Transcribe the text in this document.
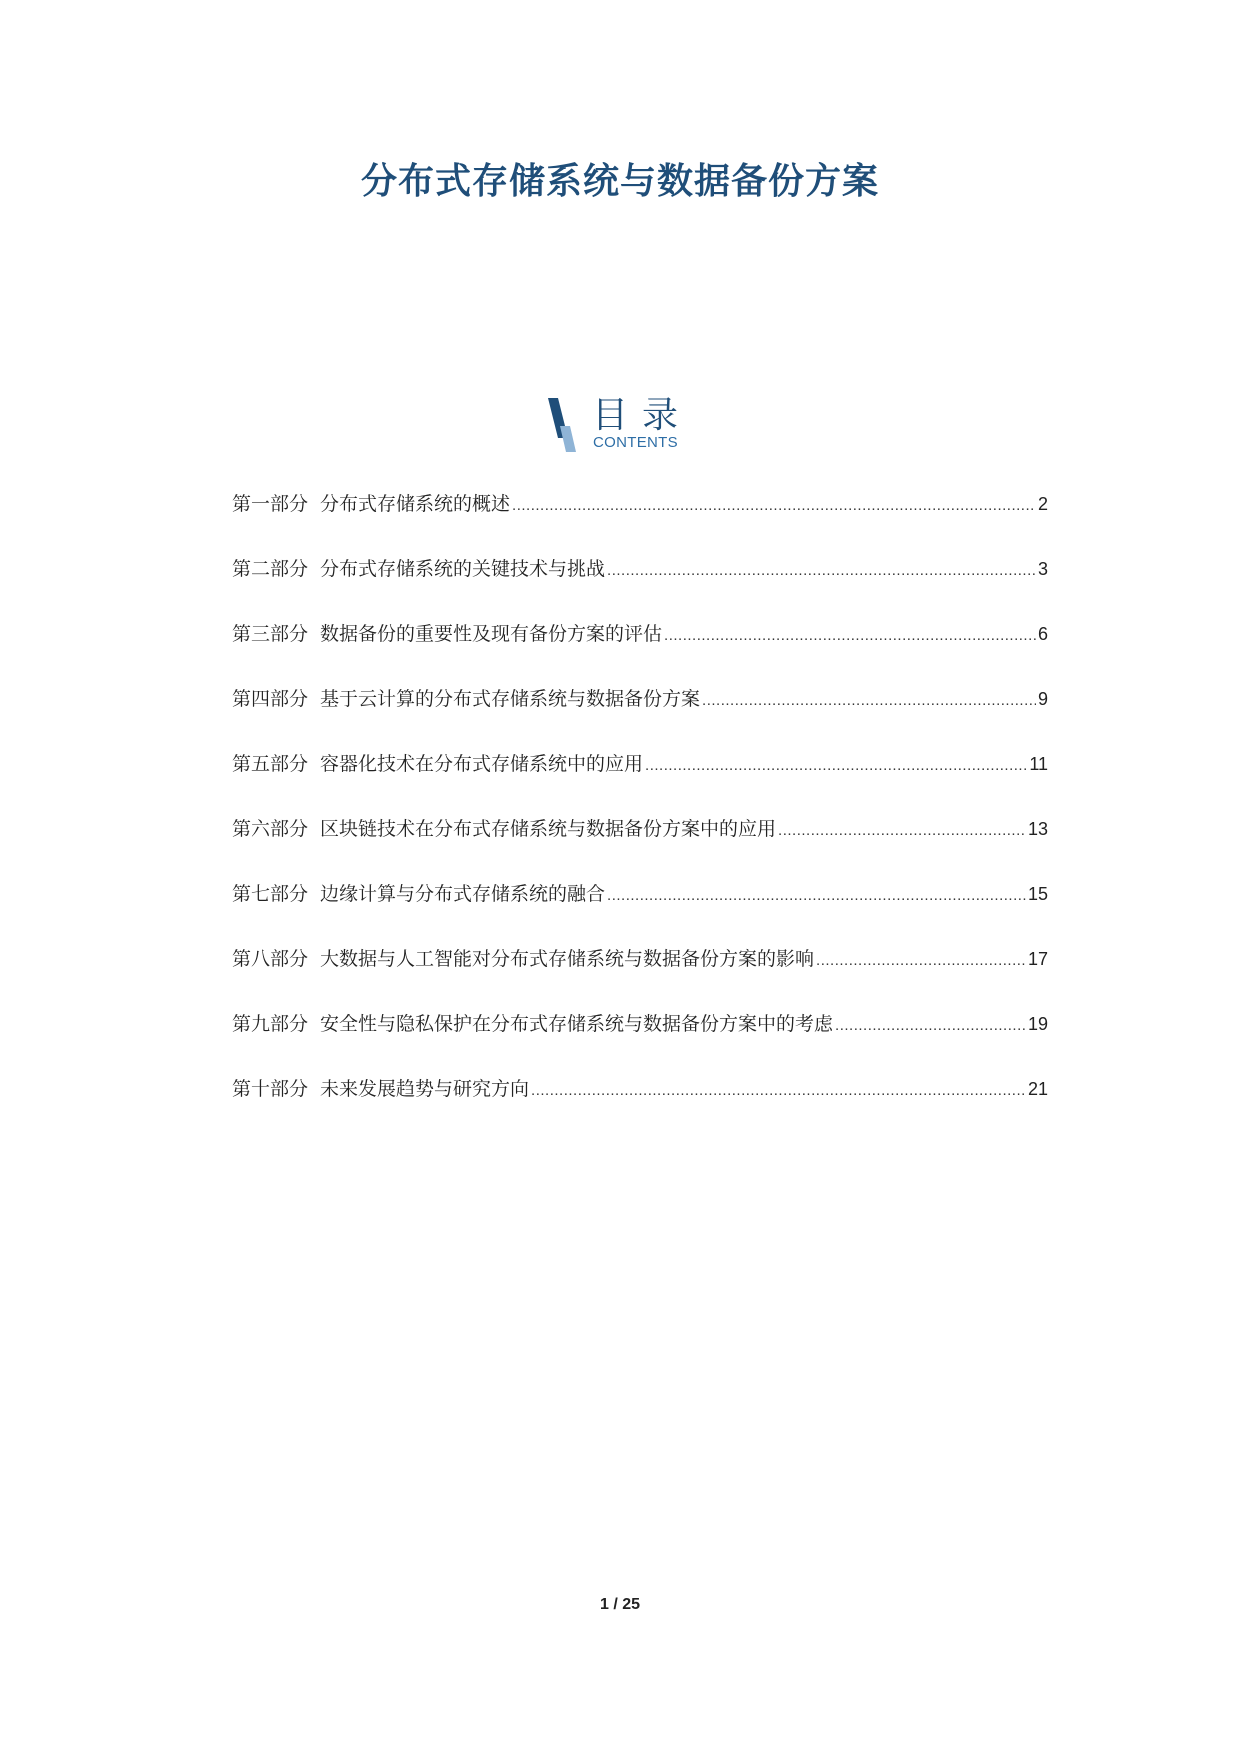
分布式存储系统与数据备份方案
目录
CONTENTS
第一部分 分布式存储系统的概述 .....	2
第二部分 分布式存储系统的关键技术与挑战 .....	3
第三部分 数据备份的重要性及现有备份方案的评估 .....	6
第四部分 基于云计算的分布式存储系统与数据备份方案 .....	9
第五部分 容器化技术在分布式存储系统中的应用 .....	11
第六部分 区块链技术在分布式存储系统与数据备份方案中的应用 .....	13
第七部分 边缘计算与分布式存储系统的融合 .....	15
第八部分 大数据与人工智能对分布式存储系统与数据备份方案的影响 .....	17
第九部分 安全性与隐私保护在分布式存储系统与数据备份方案中的考虑 .....	19
第十部分 未来发展趋势与研究方向 .....	21
1 / 25
